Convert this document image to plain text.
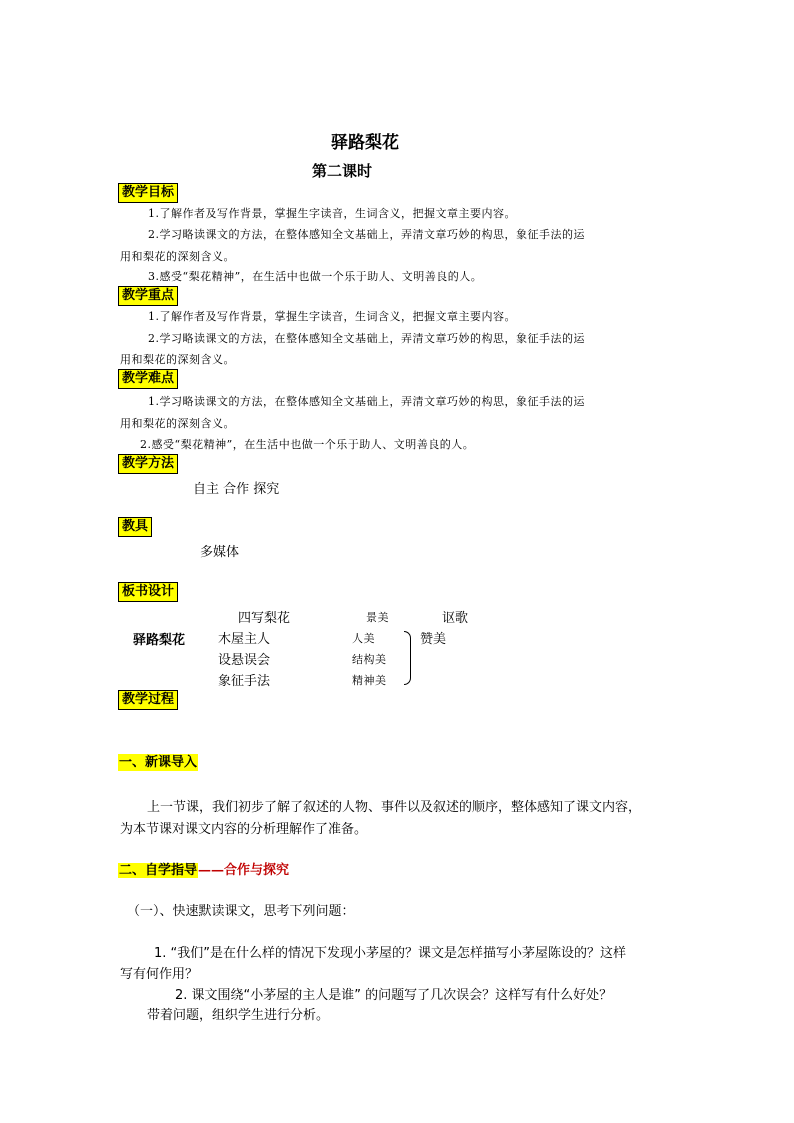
驿路梨花
第二课时
教学目标
1.了解作者及写作背景，掌握生字读音，生词含义，把握文章主要内容。
2.学习略读课文的方法，在整体感知全文基础上，弄清文章巧妙的构思，象征手法的运
用和梨花的深刻含义。
3.感受“梨花精神”，在生活中也做一个乐于助人、文明善良的人。
教学重点
1.了解作者及写作背景，掌握生字读音，生词含义，把握文章主要内容。
2.学习略读课文的方法，在整体感知全文基础上，弄清文章巧妙的构思，象征手法的运
用和梨花的深刻含义。
教学难点
1.学习略读课文的方法，在整体感知全文基础上，弄清文章巧妙的构思，象征手法的运
用和梨花的深刻含义。
2.感受“梨花精神”，在生活中也做一个乐于助人、文明善良的人。
教学方法
自主 合作 探究
教具
多媒体
板书设计
四写梨花	景美	讴歌
驿路梨花	木屋主人	人美	赞美
设悬误会	结构美
象征手法	精神美
教学过程
一、新课导入
上一节课，我们初步了解了叙述的人物、事件以及叙述的顺序，整体感知了课文内容，
为本节课对课文内容的分析理解作了准备。
二、自学指导——合作与探究
（一）、快速默读课文，思考下列问题：
1. “我们”是在什么样的情况下发现小茅屋的？课文是怎样描写小茅屋陈设的？这样
写有何作用？
2. 课文围绕“小茅屋的主人是谁” 的问题写了几次误会？这样写有什么好处？
带着问题，组织学生进行分析。
